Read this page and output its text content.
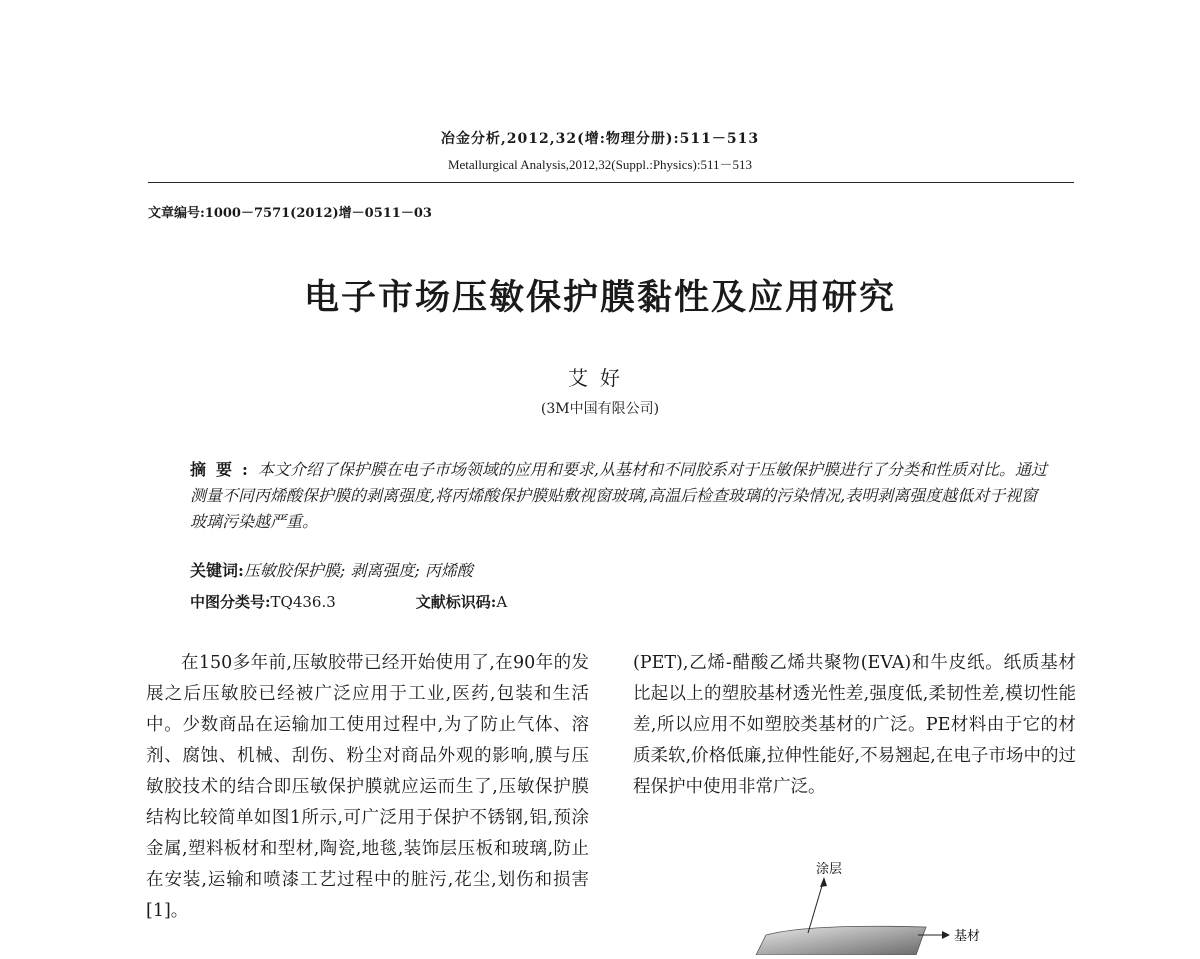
冶金分析,2012,32(增:物理分册):511－513
Metallurgical Analysis,2012,32(Suppl.:Physics):511－513
文章编号:1000－7571(2012)增－0511－03
电子市场压敏保护膜黏性及应用研究
艾好
(3M中国有限公司)
摘要:本文介绍了保护膜在电子市场领域的应用和要求,从基材和不同胶系对于压敏保护膜进行了分类和性质对比。通过测量不同丙烯酸保护膜的剥离强度,将丙烯酸保护膜贴敷视窗玻璃,高温后检查玻璃的污染情况,表明剥离强度越低对于视窗玻璃污染越严重。
关键词:压敏胶保护膜; 剥离强度; 丙烯酸
中图分类号:TQ436.3	文献标识码:A

在150多年前,压敏胶带已经开始使用了,在90年的发展之后压敏胶已经被广泛应用于工业,医药,包装和生活中。少数商品在运输加工使用过程中,为了防止气体、溶剂、腐蚀、机械、刮伤、粉尘对商品外观的影响,膜与压敏胶技术的结合即压敏保护膜就应运而生了,压敏保护膜结构比较简单如图1所示,可广泛用于保护不锈钢,铝,预涂金属,塑料板材和型材,陶瓷,地毯,装饰层压板和玻璃,防止在安装,运输和喷漆工艺过程中的脏污,花尘,划伤和损害[1]。

(PET),乙烯-醋酸乙烯共聚物(EVA)和牛皮纸。纸质基材比起以上的塑胶基材透光性差,强度低,柔韧性差,模切性能差,所以应用不如塑胶类基材的广泛。PE材料由于它的材质柔软,价格低廉,拉伸性能好,不易翘起,在电子市场中的过程保护中使用非常广泛。

涂层
基材
